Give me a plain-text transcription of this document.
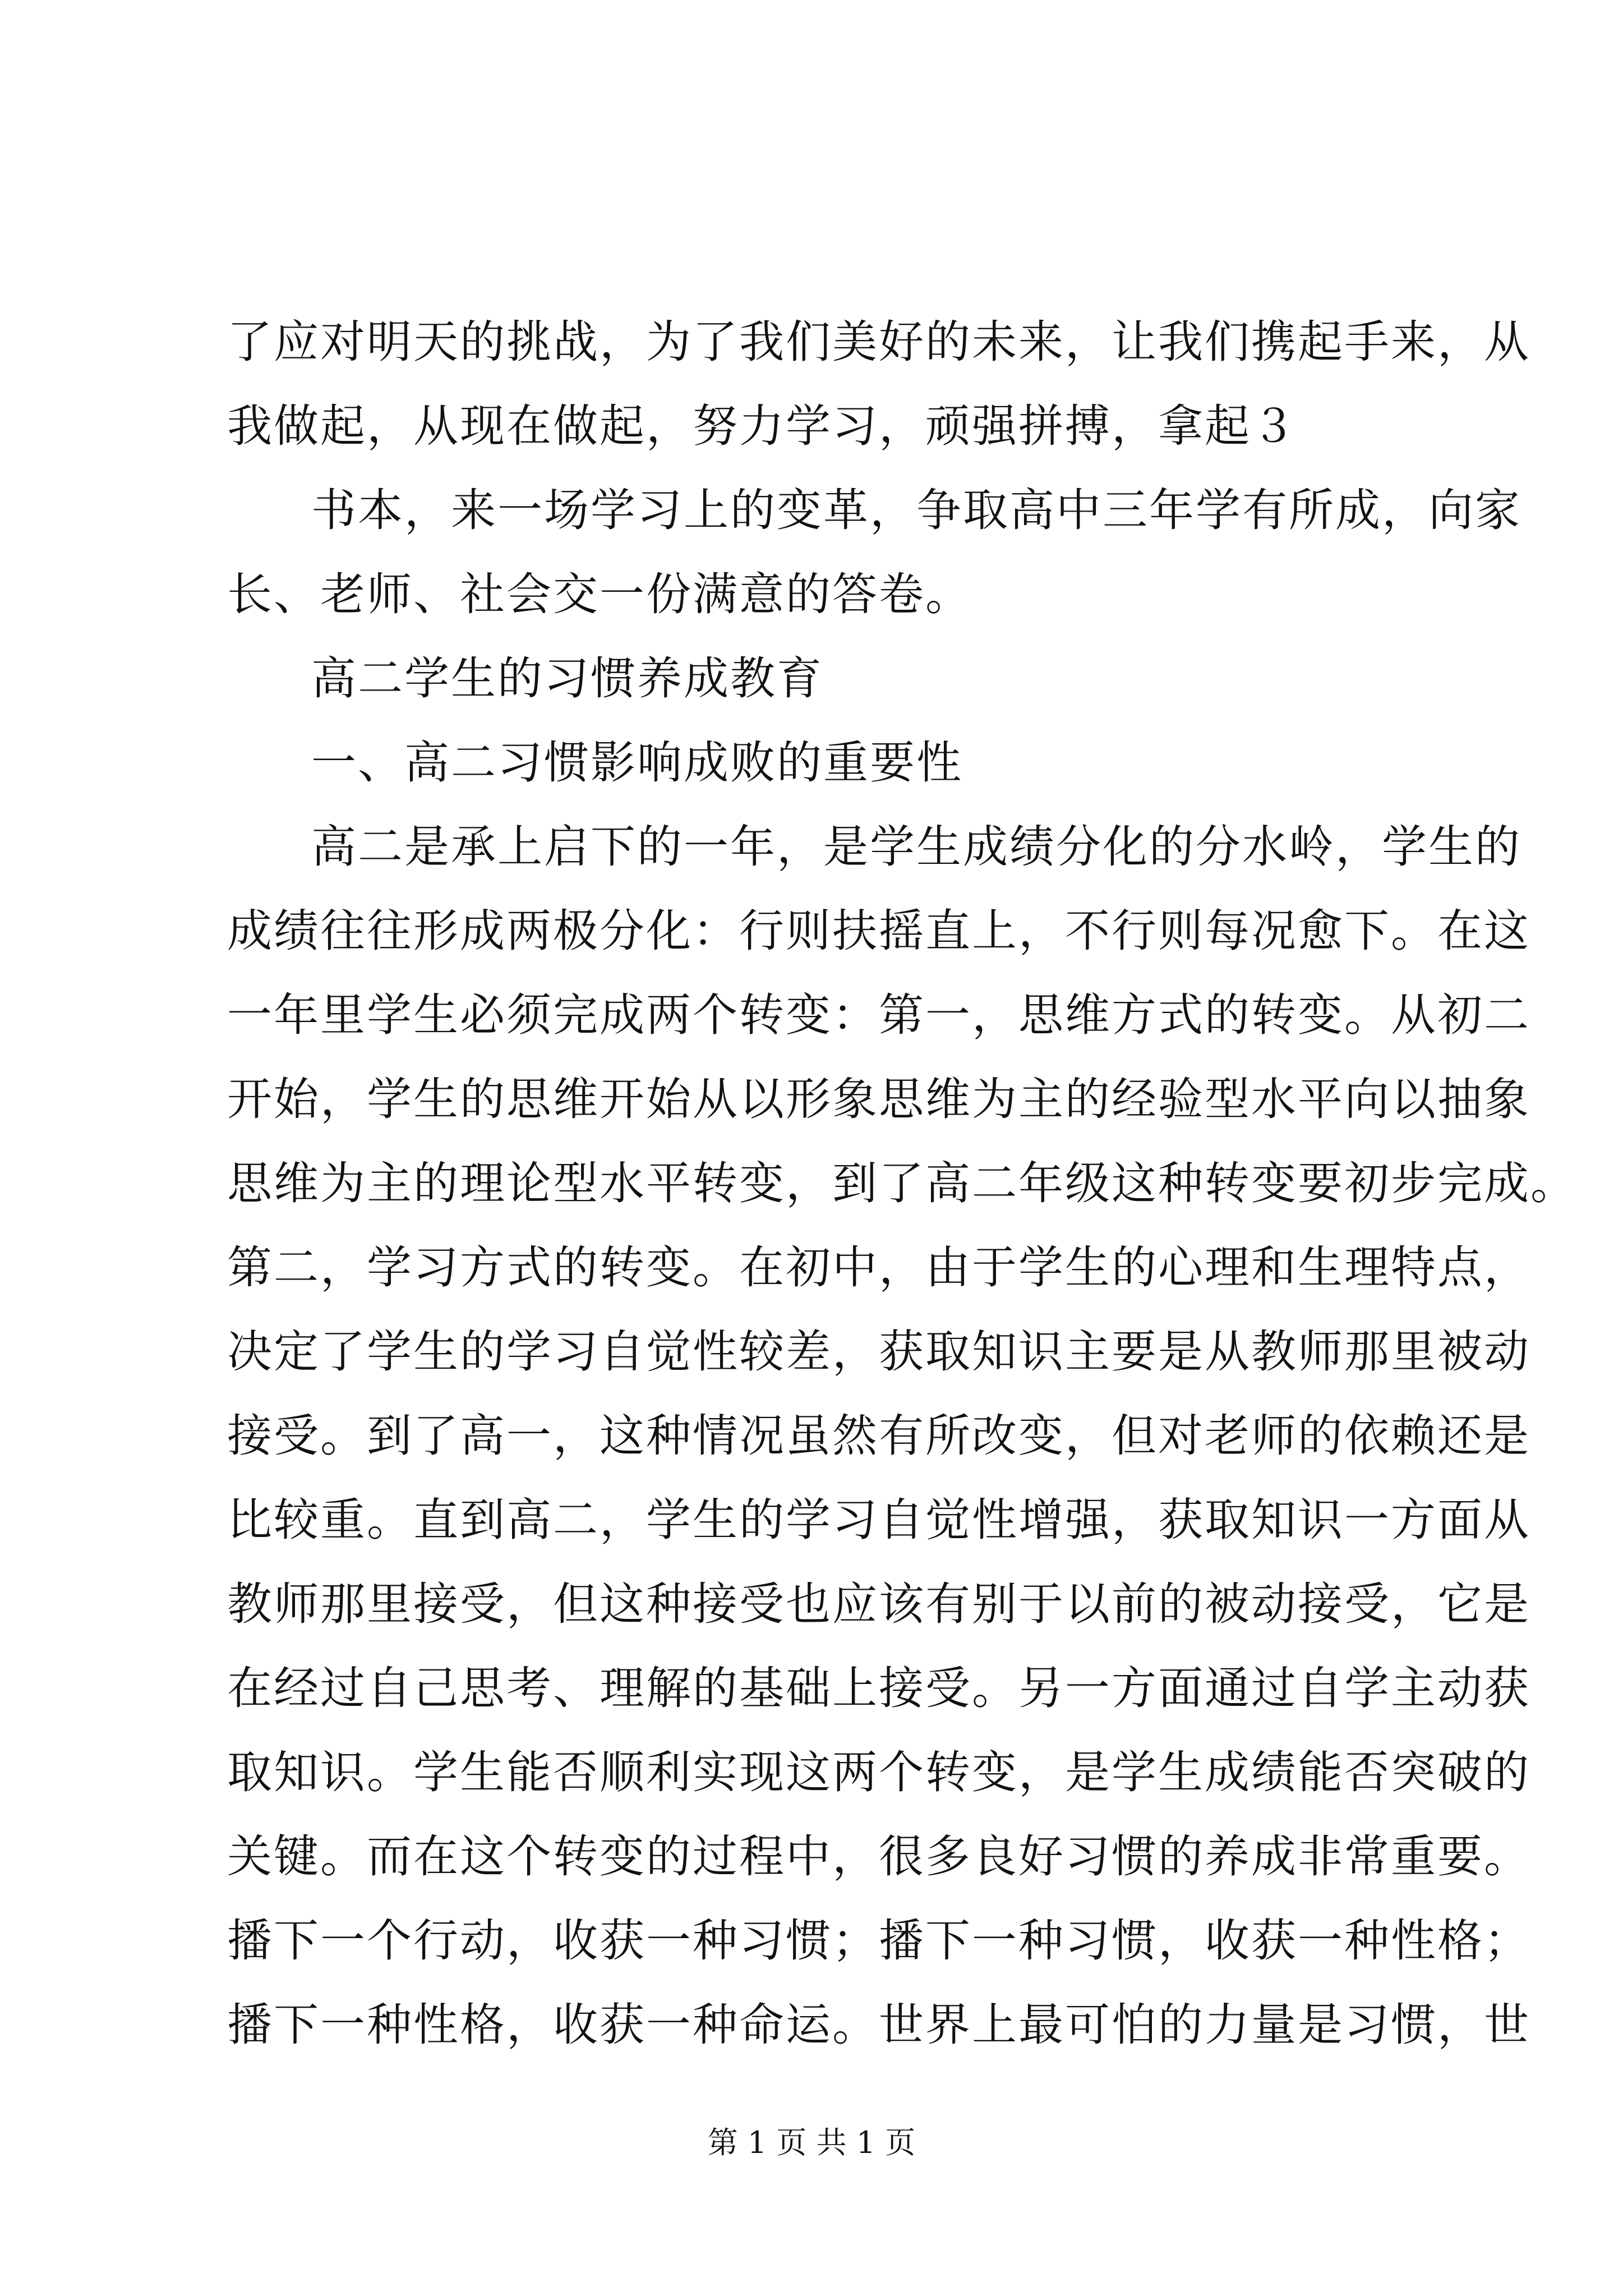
了应对明天的挑战，为了我们美好的未来，让我们携起手来，从
我做起，从现在做起，努力学习，顽强拼搏，拿起３
书本，来一场学习上的变革，争取高中三年学有所成，向家
长、老师、社会交一份满意的答卷。
高二学生的习惯养成教育
一、高二习惯影响成败的重要性
高二是承上启下的一年，是学生成绩分化的分水岭，学生的
成绩往往形成两极分化：行则扶摇直上，不行则每况愈下。在这
一年里学生必须完成两个转变：第一，思维方式的转变。从初二
开始，学生的思维开始从以形象思维为主的经验型水平向以抽象
思维为主的理论型水平转变，到了高二年级这种转变要初步完成。
第二，学习方式的转变。在初中，由于学生的心理和生理特点，
决定了学生的学习自觉性较差，获取知识主要是从教师那里被动
接受。到了高一，这种情况虽然有所改变，但对老师的依赖还是
比较重。直到高二，学生的学习自觉性增强，获取知识一方面从
教师那里接受，但这种接受也应该有别于以前的被动接受，它是
在经过自己思考、理解的基础上接受。另一方面通过自学主动获
取知识。学生能否顺利实现这两个转变，是学生成绩能否突破的
关键。而在这个转变的过程中，很多良好习惯的养成非常重要。
播下一个行动，收获一种习惯；播下一种习惯，收获一种性格；
播下一种性格，收获一种命运。世界上最可怕的力量是习惯，世
第 1 页 共 1 页
